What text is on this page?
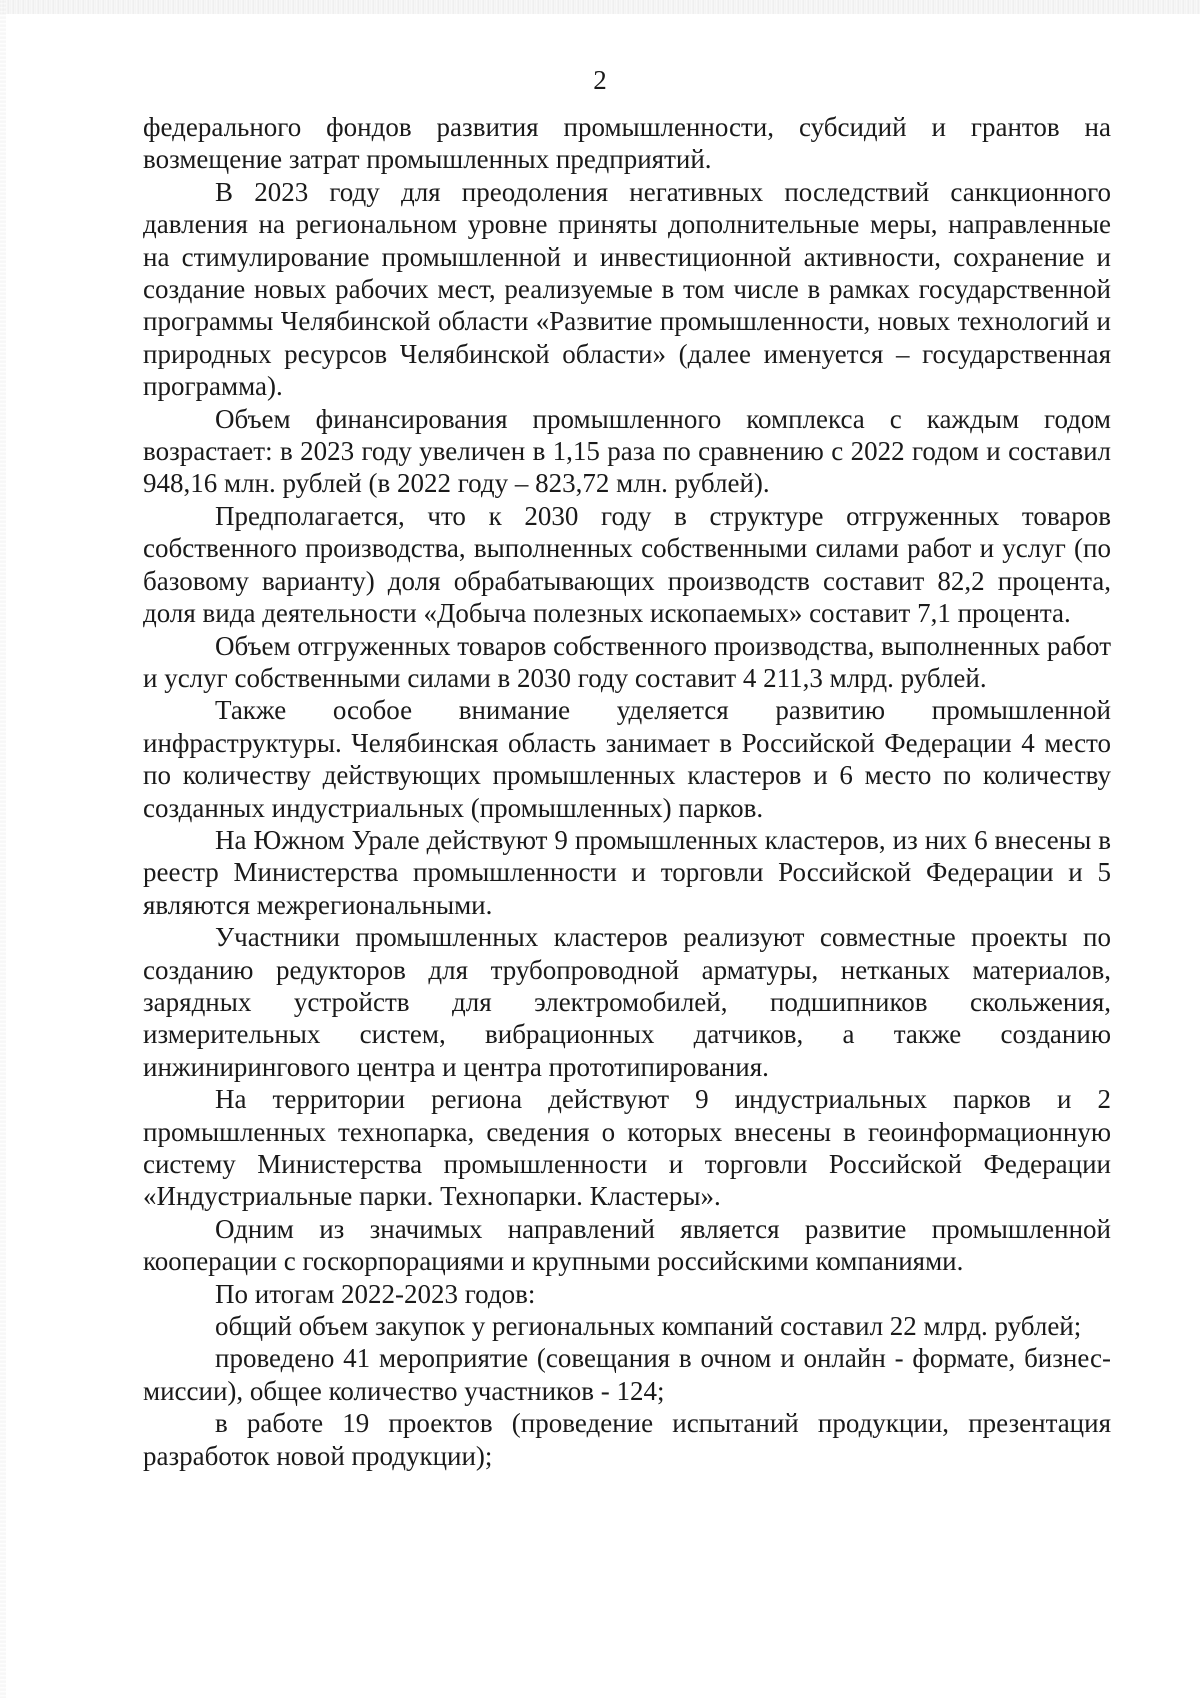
2

федерального фондов развития промышленности, субсидий и грантов на возмещение затрат промышленных предприятий.

В 2023 году для преодоления негативных последствий санкционного давления на региональном уровне приняты дополнительные меры, направленные на стимулирование промышленной и инвестиционной активности, сохранение и создание новых рабочих мест, реализуемые в том числе в рамках государственной программы Челябинской области «Развитие промышленности, новых технологий и природных ресурсов Челябинской области» (далее именуется – государственная программа).

Объем финансирования промышленного комплекса с каждым годом возрастает: в 2023 году увеличен в 1,15 раза по сравнению с 2022 годом и составил 948,16 млн. рублей (в 2022 году – 823,72 млн. рублей).

Предполагается, что к 2030 году в структуре отгруженных товаров собственного производства, выполненных собственными силами работ и услуг (по базовому варианту) доля обрабатывающих производств составит 82,2 процента, доля вида деятельности «Добыча полезных ископаемых» составит 7,1 процента.

Объем отгруженных товаров собственного производства, выполненных работ и услуг собственными силами в 2030 году составит 4 211,3 млрд. рублей.

Также особое внимание уделяется развитию промышленной инфраструктуры. Челябинская область занимает в Российской Федерации 4 место по количеству действующих промышленных кластеров и 6 место по количеству созданных индустриальных (промышленных) парков.

На Южном Урале действуют 9 промышленных кластеров, из них 6 внесены в реестр Министерства промышленности и торговли Российской Федерации и 5 являются межрегиональными.

Участники промышленных кластеров реализуют совместные проекты по созданию редукторов для трубопроводной арматуры, нетканых материалов, зарядных устройств для электромобилей, подшипников скольжения, измерительных систем, вибрационных датчиков, а также созданию инжинирингового центра и центра прототипирования.

На территории региона действуют 9 индустриальных парков и 2 промышленных технопарка, сведения о которых внесены в геоинформационную систему Министерства промышленности и торговли Российской Федерации «Индустриальные парки. Технопарки. Кластеры».

Одним из значимых направлений является развитие промышленной кооперации с госкорпорациями и крупными российскими компаниями.

По итогам 2022-2023 годов:

общий объем закупок у региональных компаний составил 22 млрд. рублей;

проведено 41 мероприятие (совещания в очном и онлайн - формате, бизнес-миссии), общее количество участников - 124;

в работе 19 проектов (проведение испытаний продукции, презентация разработок новой продукции);
